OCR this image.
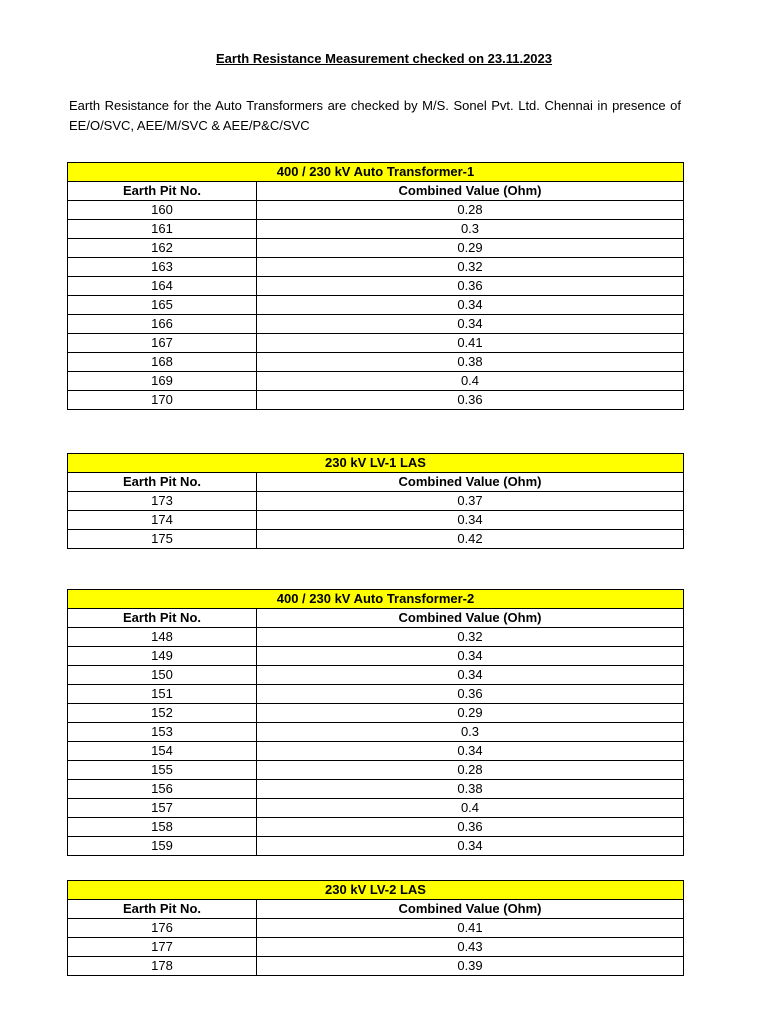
Earth Resistance Measurement checked on 23.11.2023
Earth Resistance for the Auto Transformers are checked by M/S. Sonel Pvt. Ltd. Chennai in presence of EE/O/SVC, AEE/M/SVC & AEE/P&C/SVC
400 / 230 kV Auto Transformer-1	
Earth Pit No.	Combined Value (Ohm)
160	0.28
161	0.3
162	0.29
163	0.32
164	0.36
165	0.34
166	0.34
167	0.41
168	0.38
169	0.4
170	0.36
230 kV LV-1 LAS	
Earth Pit No.	Combined Value (Ohm)
173	0.37
174	0.34
175	0.42
400 / 230 kV Auto Transformer-2	
Earth Pit No.	Combined Value (Ohm)
148	0.32
149	0.34
150	0.34
151	0.36
152	0.29
153	0.3
154	0.34
155	0.28
156	0.38
157	0.4
158	0.36
159	0.34
230 kV LV-2 LAS	
Earth Pit No.	Combined Value (Ohm)
176	0.41
177	0.43
178	0.39
